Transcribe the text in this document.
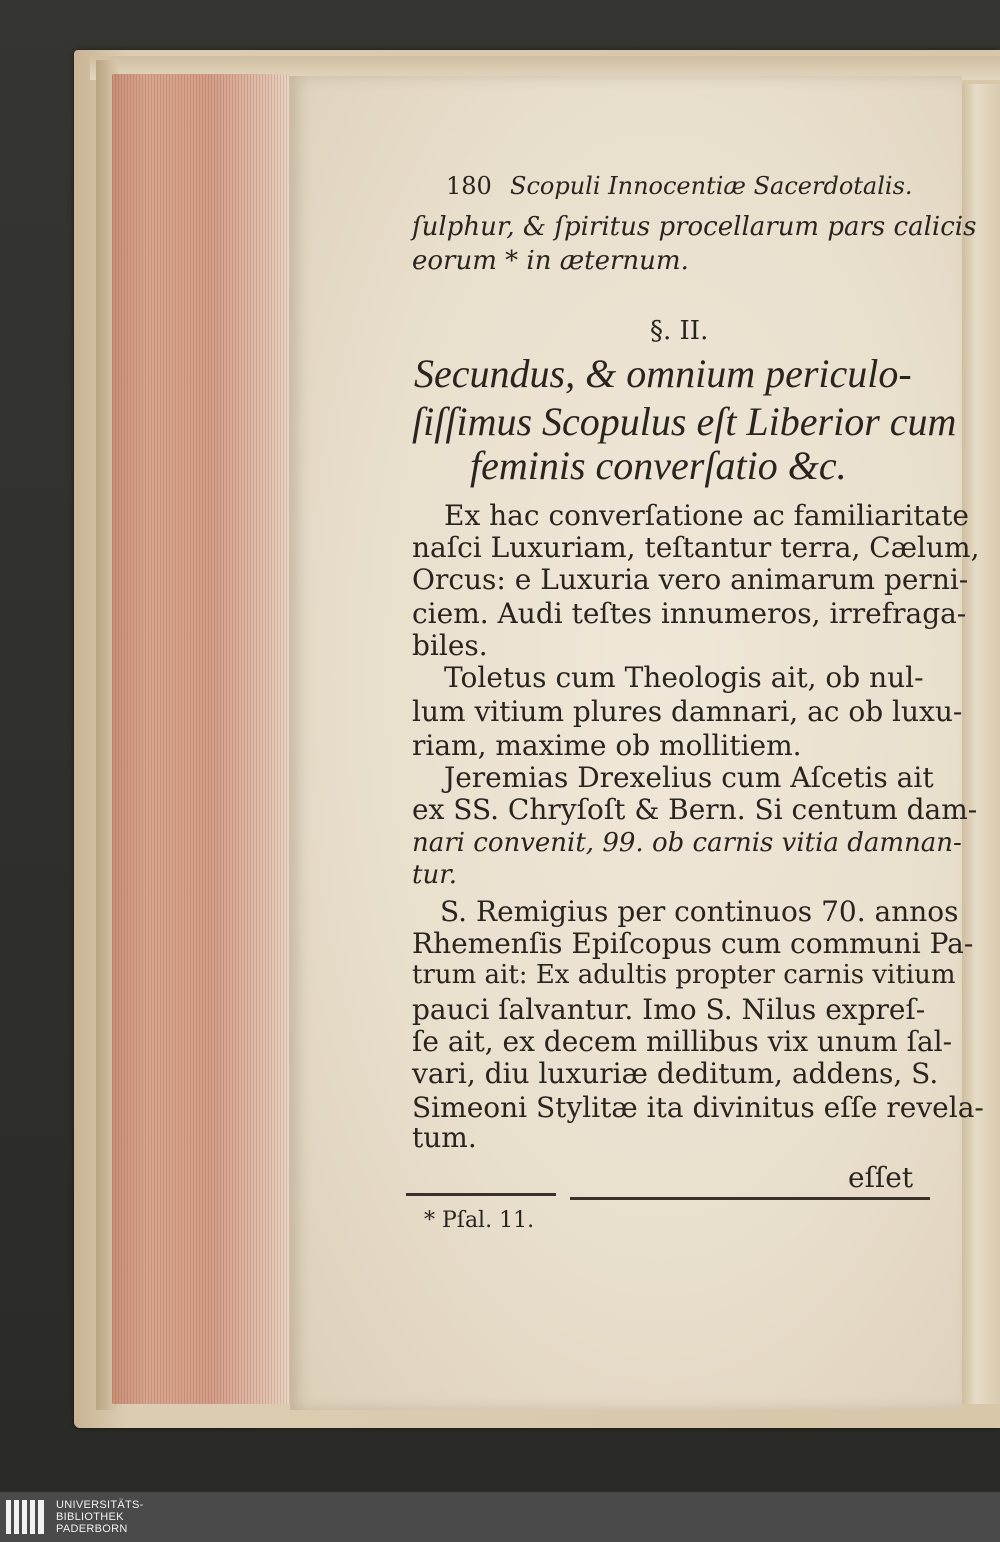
180 Scopuli Innocentiæ Sacerdotalis.
ſulphur, & ſpiritus procellarum pars calicis
eorum * in æternum.
§. II.
Secundus, & omnium periculo-
ſiſſimus Scopulus eſt Liberior cum
feminis converſatio &c.
Ex hac converſatione ac familiaritate
naſci Luxuriam, teſtantur terra, Cælum,
Orcus: e Luxuria vero animarum perni-
ciem. Audi teſtes innumeros, irrefraga-
biles.
Toletus cum Theologis ait, ob nul-
lum vitium plures damnari, ac ob luxu-
riam, maxime ob mollitiem.
Jeremias Drexelius cum Aſcetis ait
ex SS. Chryſoſt & Bern. Si centum dam-
nari convenit, 99. ob carnis vitia damnan-
tur.
S. Remigius per continuos 70. annos
Rhemenſis Epiſcopus cum communi Pa-
trum ait: Ex adultis propter carnis vitium
pauci ſalvantur. Imo S. Nilus expreſ-
ſe ait, ex decem millibus vix unum ſal-
vari, diu luxuriæ deditum, addens, S.
Simeoni Stylitæ ita divinitus eſſe revela-
tum.
eſſet
* Pſal. 11.
UNIVERSITÄTS-
BIBLIOTHEK
PADERBORN
